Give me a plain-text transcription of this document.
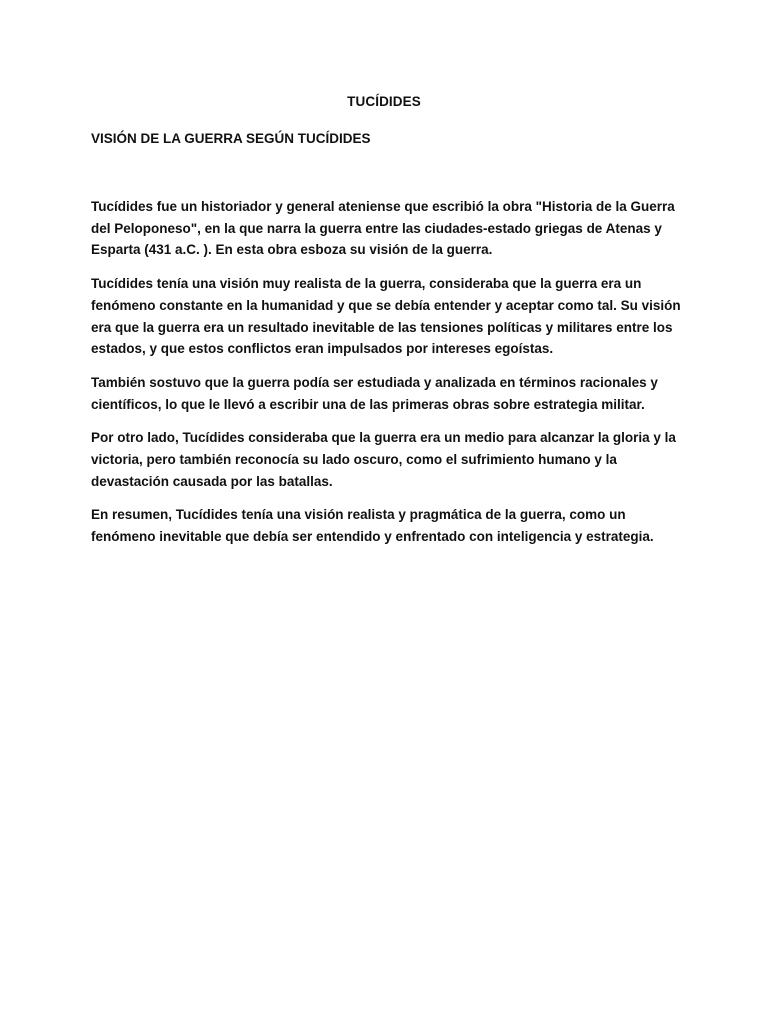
TUCÍDIDES
VISIÓN DE LA GUERRA SEGÚN TUCÍDIDES

Tucídides fue un historiador y general ateniense que escribió la obra "Historia de la Guerra del Peloponeso", en la que narra la guerra entre las ciudades-estado griegas de Atenas y Esparta (431 a.C. ). En esta obra esboza su visión de la guerra.

Tucídides tenía una visión muy realista de la guerra, consideraba que la guerra era un fenómeno constante en la humanidad y que se debía entender y aceptar como tal. Su visión era que la guerra era un resultado inevitable de las tensiones políticas y militares entre los estados, y que estos conflictos eran impulsados por intereses egoístas.

También sostuvo que la guerra podía ser estudiada y analizada en términos racionales y científicos, lo que le llevó a escribir una de las primeras obras sobre estrategia militar.

Por otro lado, Tucídides consideraba que la guerra era un medio para alcanzar la gloria y la victoria, pero también reconocía su lado oscuro, como el sufrimiento humano y la devastación causada por las batallas.

En resumen, Tucídides tenía una visión realista y pragmática de la guerra, como un fenómeno inevitable que debía ser entendido y enfrentado con inteligencia y estrategia.
